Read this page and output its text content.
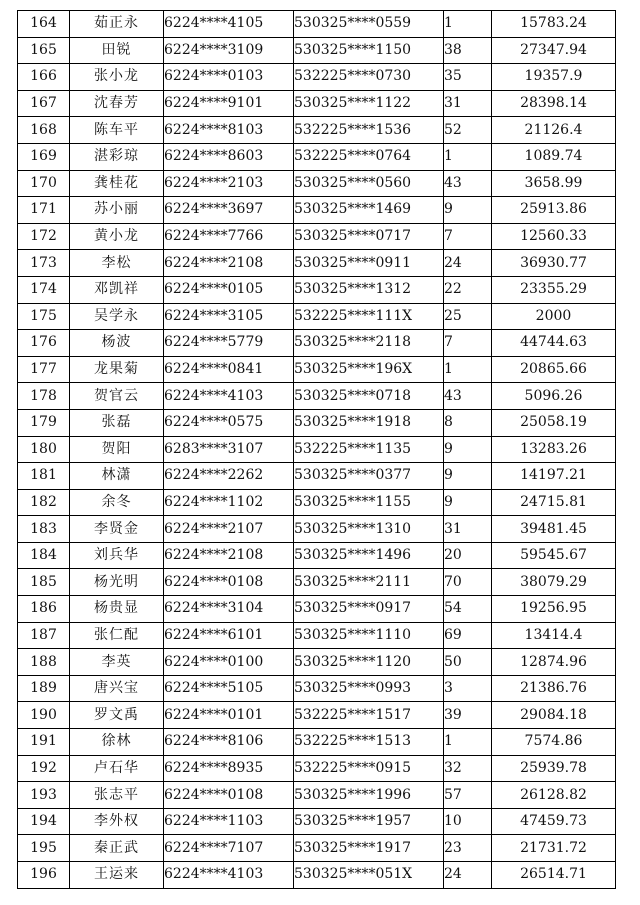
164	茹正永	6224****4105	530325****0559	1	15783.24
165	田锐	6224****3109	530325****1150	38	27347.94
166	张小龙	6224****0103	532225****0730	35	19357.9
167	沈春芳	6224****9101	530325****1122	31	28398.14
168	陈车平	6224****8103	532225****1536	52	21126.4
169	湛彩琼	6224****8603	532225****0764	1	1089.74
170	龚桂花	6224****2103	530325****0560	43	3658.99
171	苏小丽	6224****3697	530325****1469	9	25913.86
172	黄小龙	6224****7766	530325****0717	7	12560.33
173	李松	6224****2108	530325****0911	24	36930.77
174	邓凯祥	6224****0105	530325****1312	22	23355.29
175	吴学永	6224****3105	532225****111X	25	2000
176	杨波	6224****5779	530325****2118	7	44744.63
177	龙果菊	6224****0841	530325****196X	1	20865.66
178	贺官云	6224****4103	530325****0718	43	5096.26
179	张磊	6224****0575	530325****1918	8	25058.19
180	贺阳	6283****3107	532225****1135	9	13283.26
181	林潇	6224****2262	530325****0377	9	14197.21
182	余冬	6224****1102	530325****1155	9	24715.81
183	李贤金	6224****2107	530325****1310	31	39481.45
184	刘兵华	6224****2108	530325****1496	20	59545.67
185	杨光明	6224****0108	530325****2111	70	38079.29
186	杨贵显	6224****3104	530325****0917	54	19256.95
187	张仁配	6224****6101	530325****1110	69	13414.4
188	李英	6224****0100	530325****1120	50	12874.96
189	唐兴宝	6224****5105	530325****0993	3	21386.76
190	罗文禹	6224****0101	532225****1517	39	29084.18
191	徐林	6224****8106	532225****1513	1	7574.86
192	卢石华	6224****8935	532225****0915	32	25939.78
193	张志平	6224****0108	530325****1996	57	26128.82
194	李外权	6224****1103	530325****1957	10	47459.73
195	秦正武	6224****7107	530325****1917	23	21731.72
196	王运来	6224****4103	530325****051X	24	26514.71
